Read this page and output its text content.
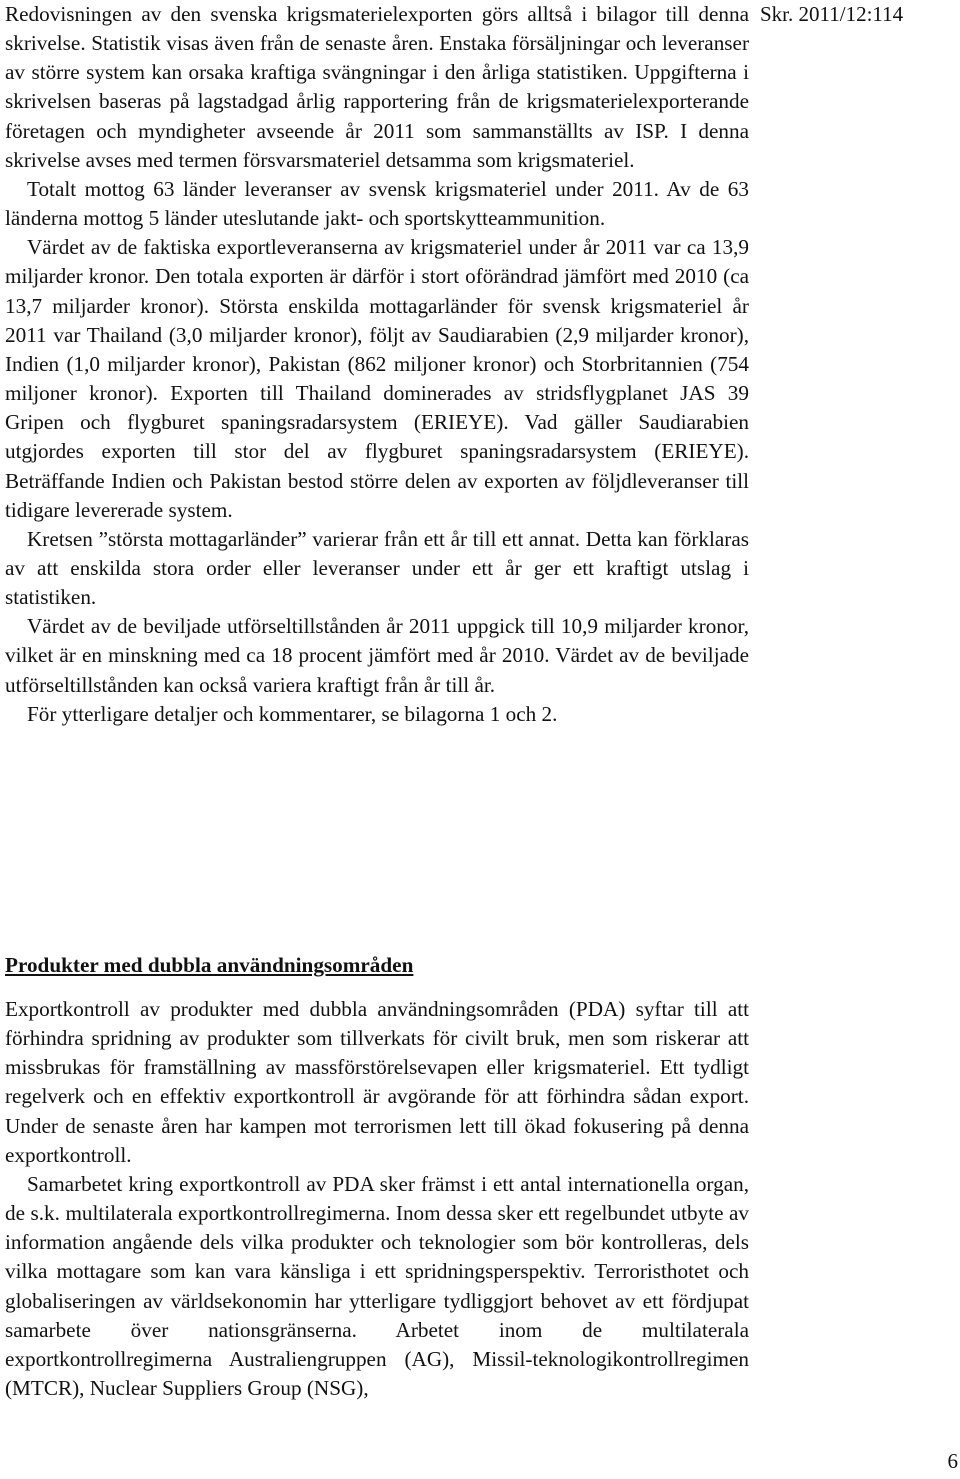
Skr. 2011/12:114

Redovisningen av den svenska krigsmaterielexporten görs alltså i bilagor till denna skrivelse. Statistik visas även från de senaste åren. Enstaka försäljningar och leveranser av större system kan orsaka kraftiga svängningar i den årliga statistiken. Uppgifterna i skrivelsen baseras på lagstadgad årlig rapportering från de krigsmaterielexporterande företagen och myndigheter avseende år 2011 som sammanställts av ISP. I denna skrivelse avses med termen försvarsmateriel detsamma som krigsmateriel.

Totalt mottog 63 länder leveranser av svensk krigsmateriel under 2011. Av de 63 länderna mottog 5 länder uteslutande jakt- och sportskytteammunition.

Värdet av de faktiska exportleveranserna av krigsmateriel under år 2011 var ca 13,9 miljarder kronor. Den totala exporten är därför i stort oförändrad jämfört med 2010 (ca 13,7 miljarder kronor). Största enskilda mottagarländer för svensk krigsmateriel år 2011 var Thailand (3,0 miljarder kronor), följt av Saudiarabien (2,9 miljarder kronor), Indien (1,0 miljarder kronor), Pakistan (862 miljoner kronor) och Storbritannien (754 miljoner kronor). Exporten till Thailand dominerades av stridsflygplanet JAS 39 Gripen och flygburet spaningsradarsystem (ERIEYE). Vad gäller Saudiarabien utgjordes exporten till stor del av flygburet spaningsradarsystem (ERIEYE). Beträffande Indien och Pakistan bestod större delen av exporten av följdleveranser till tidigare levererade system.

Kretsen ”största mottagarländer” varierar från ett år till ett annat. Detta kan förklaras av att enskilda stora order eller leveranser under ett år ger ett kraftigt utslag i statistiken.

Värdet av de beviljade utförseltillstånden år 2011 uppgick till 10,9 miljarder kronor, vilket är en minskning med ca 18 procent jämfört med år 2010. Värdet av de beviljade utförseltillstånden kan också variera kraftigt från år till år.

För ytterligare detaljer och kommentarer, se bilagorna 1 och 2.

Produkter med dubbla användningsområden

Exportkontroll av produkter med dubbla användningsområden (PDA) syftar till att förhindra spridning av produkter som tillverkats för civilt bruk, men som riskerar att missbrukas för framställning av massförstörelsevapen eller krigsmateriel. Ett tydligt regelverk och en effektiv exportkontroll är avgörande för att förhindra sådan export. Under de senaste åren har kampen mot terrorismen lett till ökad fokusering på denna exportkontroll.

Samarbetet kring exportkontroll av PDA sker främst i ett antal internationella organ, de s.k. multilaterala exportkontrollregimerna. Inom dessa sker ett regelbundet utbyte av information angående dels vilka produkter och teknologier som bör kontrolleras, dels vilka mottagare som kan vara känsliga i ett spridningsperspektiv. Terroristhotet och globaliseringen av världsekonomin har ytterligare tydliggjort behovet av ett fördjupat samarbete över nationsgränserna. Arbetet inom de multilaterala exportkontrollregimerna Australiengruppen (AG), Missil-teknologikontrollregimen (MTCR), Nuclear Suppliers Group (NSG),

6
